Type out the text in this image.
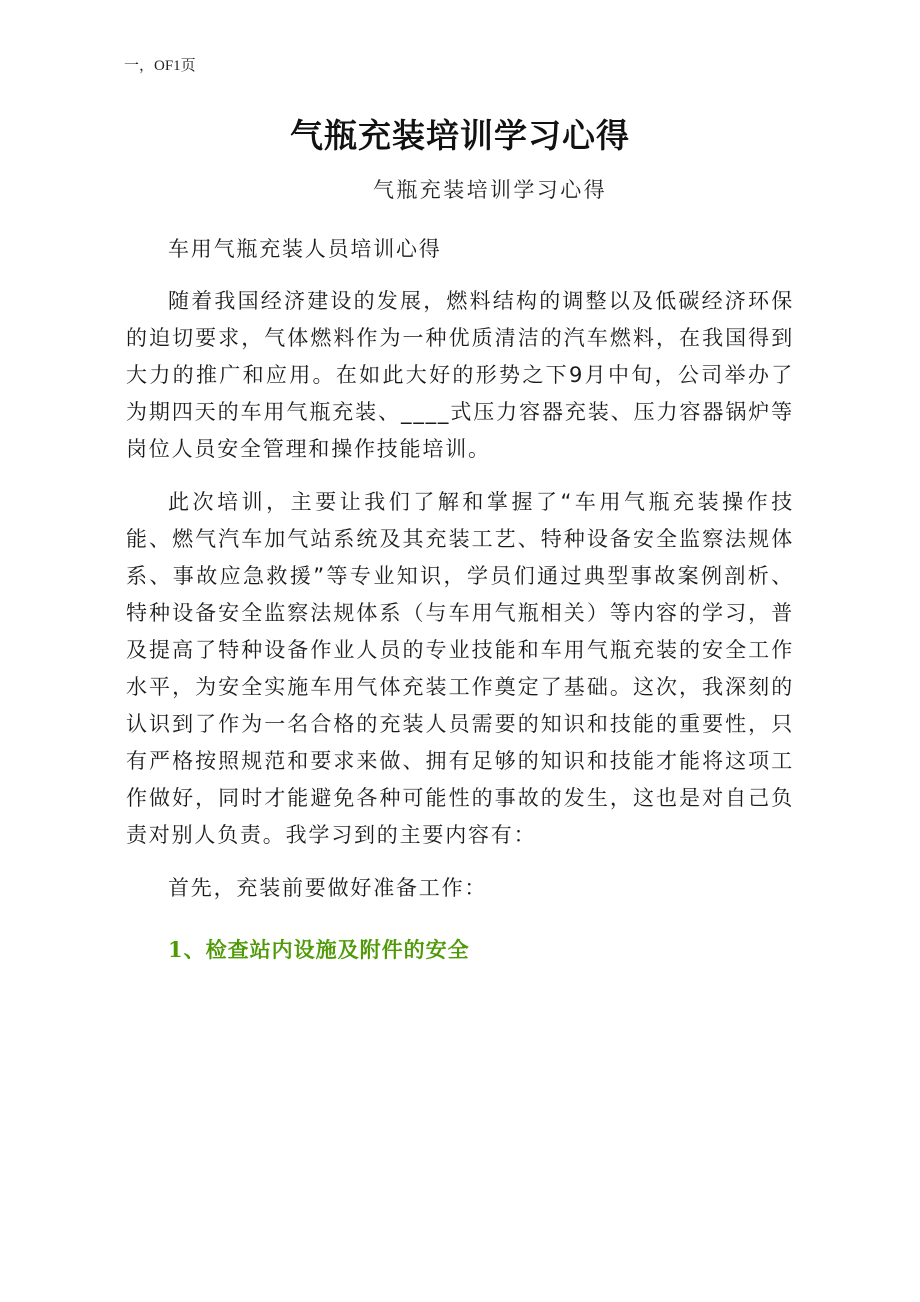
一，OF1页
气瓶充装培训学习心得
气瓶充装培训学习心得

车用气瓶充装人员培训心得

随着我国经济建设的发展，燃料结构的调整以及低碳经济环保的迫切要求，气体燃料作为一种优质清洁的汽车燃料，在我国得到大力的推广和应用。在如此大好的形势之下9月中旬，公司举办了为期四天的车用气瓶充装、____式压力容器充装、压力容器锅炉等岗位人员安全管理和操作技能培训。

此次培训，主要让我们了解和掌握了“车用气瓶充装操作技能、燃气汽车加气站系统及其充装工艺、特种设备安全监察法规体系、事故应急救援”等专业知识，学员们通过典型事故案例剖析、特种设备安全监察法规体系（与车用气瓶相关）等内容的学习，普及提高了特种设备作业人员的专业技能和车用气瓶充装的安全工作水平，为安全实施车用气体充装工作奠定了基础。这次，我深刻的认识到了作为一名合格的充装人员需要的知识和技能的重要性，只有严格按照规范和要求来做、拥有足够的知识和技能才能将这项工作做好，同时才能避免各种可能性的事故的发生，这也是对自己负责对别人负责。我学习到的主要内容有：

首先，充装前要做好准备工作：

1、检查站内设施及附件的安全
